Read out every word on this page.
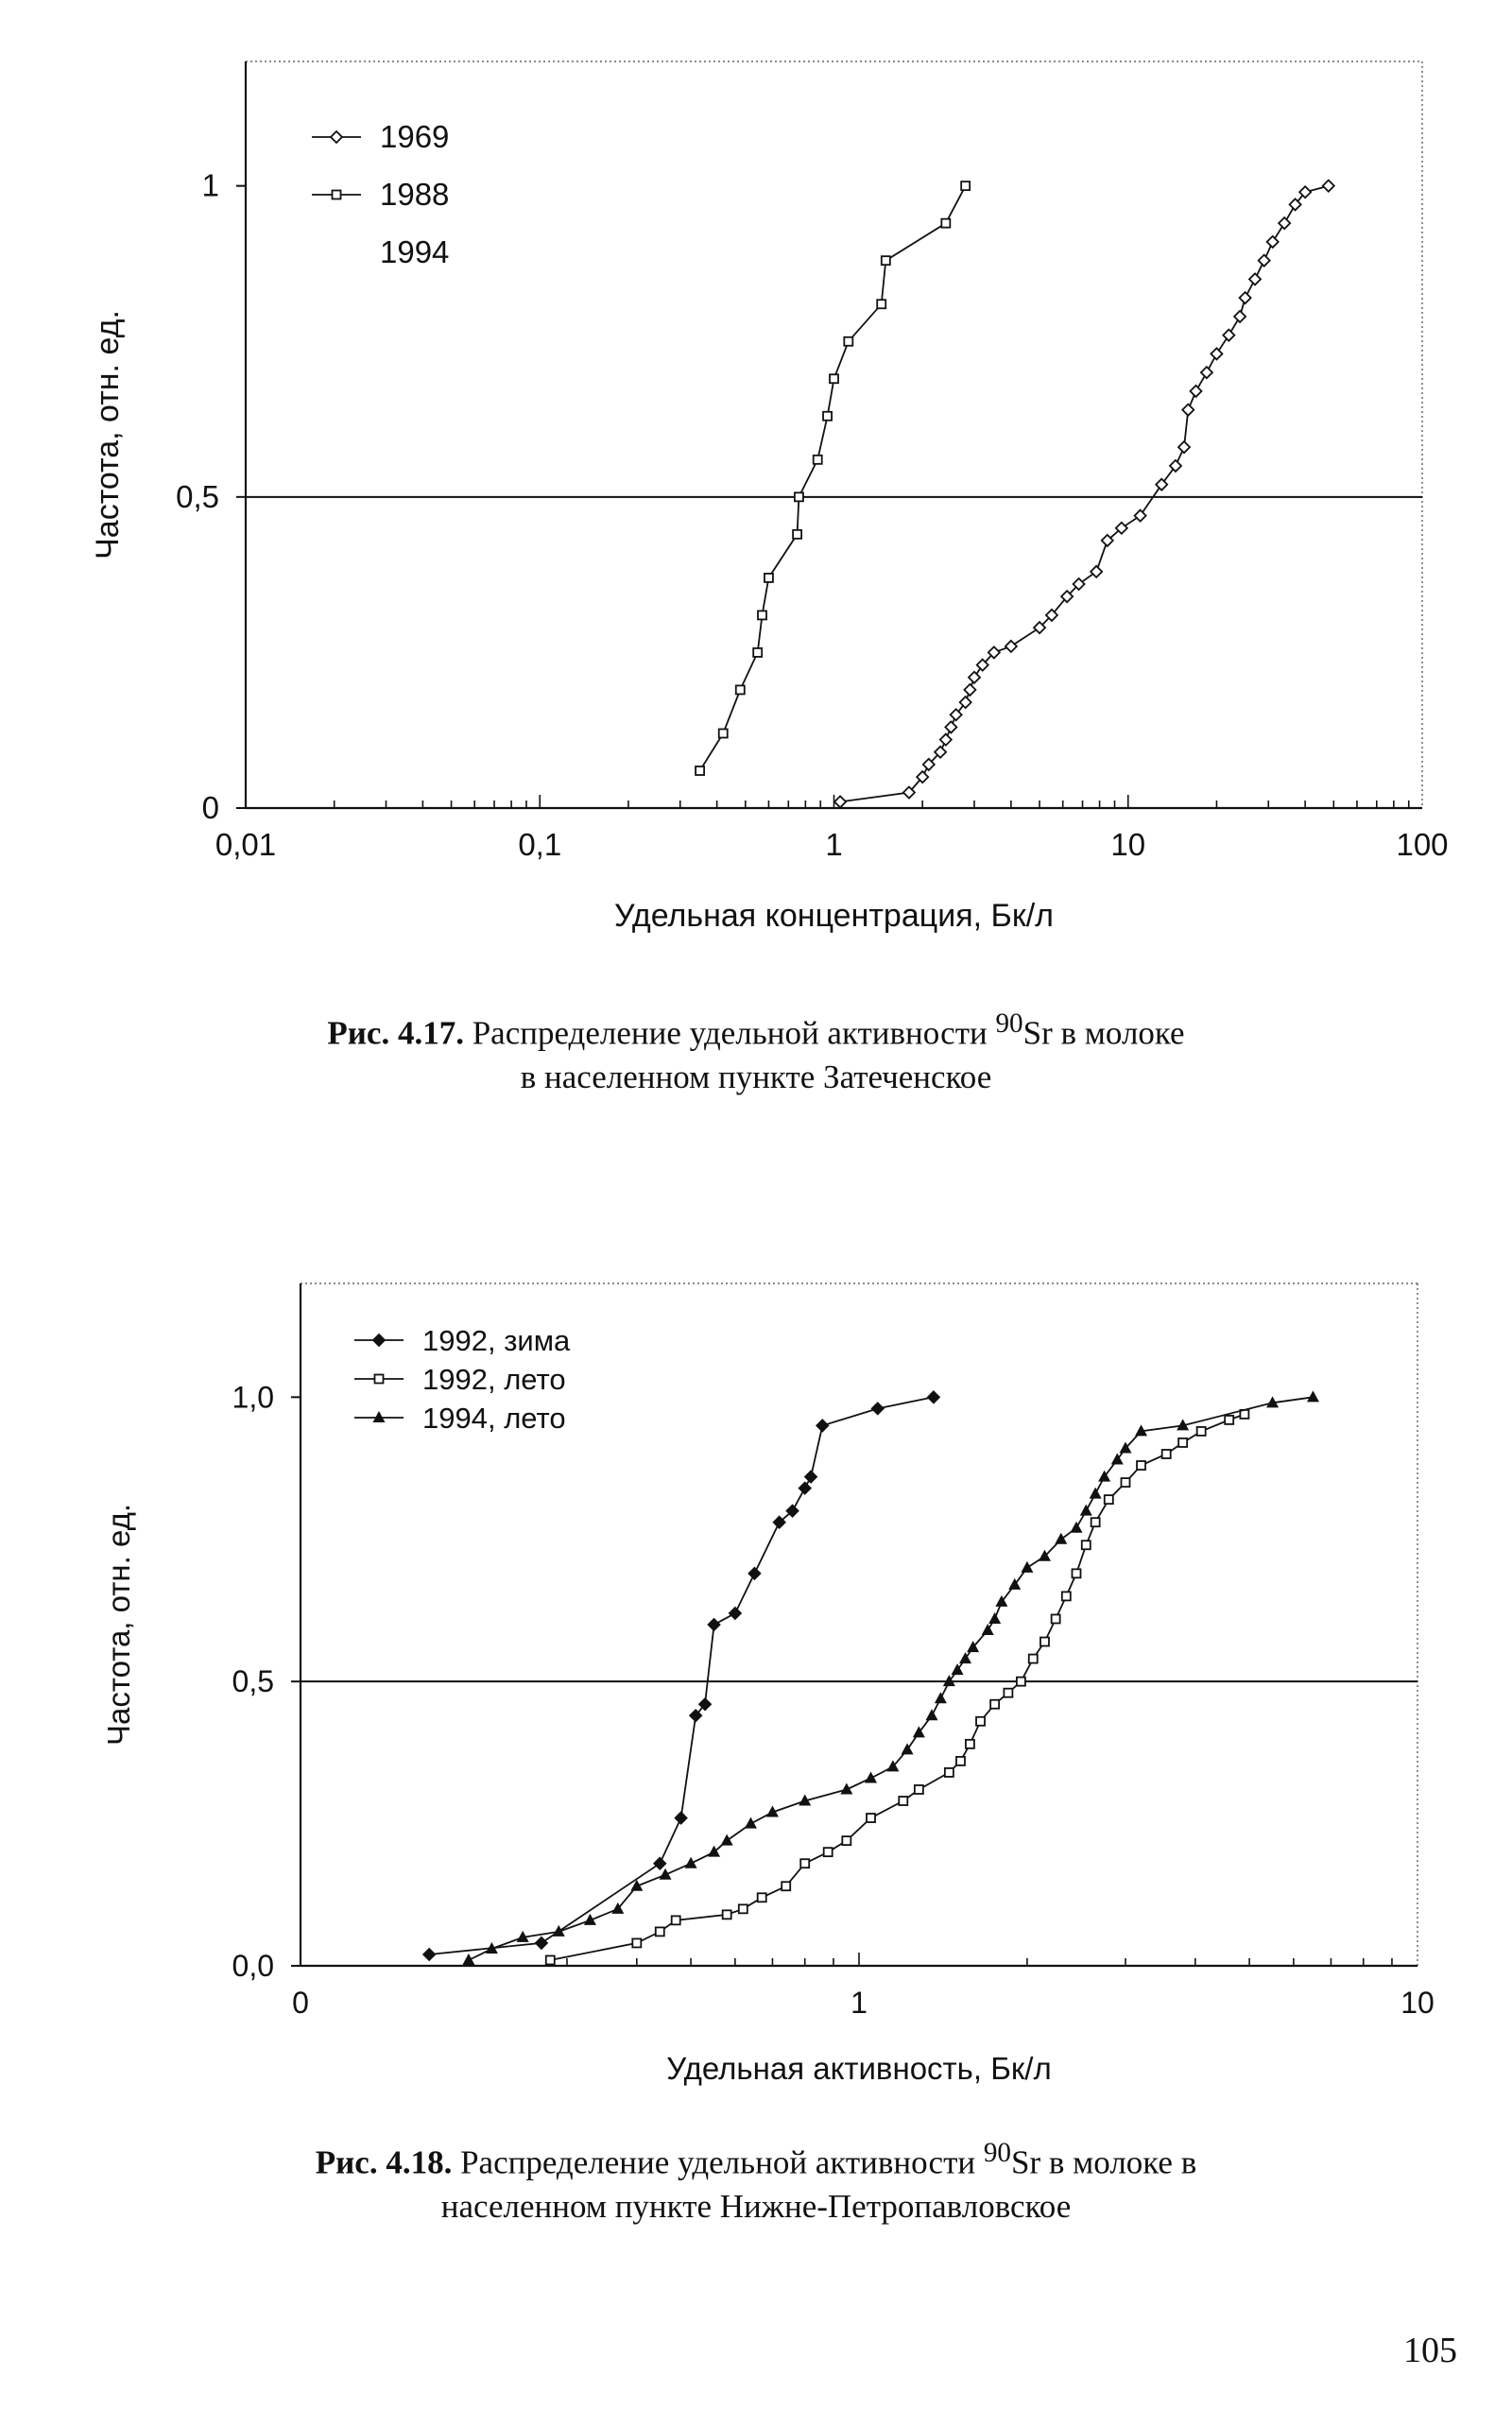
0,01	0,1	1	10	100
0
0,5
1
Удельная концентрация, Бк/л
Частота, отн. ед.
1969
1988
1994
Рис. 4.17. Распределение удельной активности $^{90}$Sr в молоке
в населенном пункте Затеченское
0	1	10
0,0
0,5
1,0
Удельная активность, Бк/л
Частота, отн. ед.
1992, зима
1992, лето
1994, лето
Рис. 4.18. Распределение удельной активности $^{90}$Sr в молоке в
населенном пункте Нижне-Петропавловское
105
